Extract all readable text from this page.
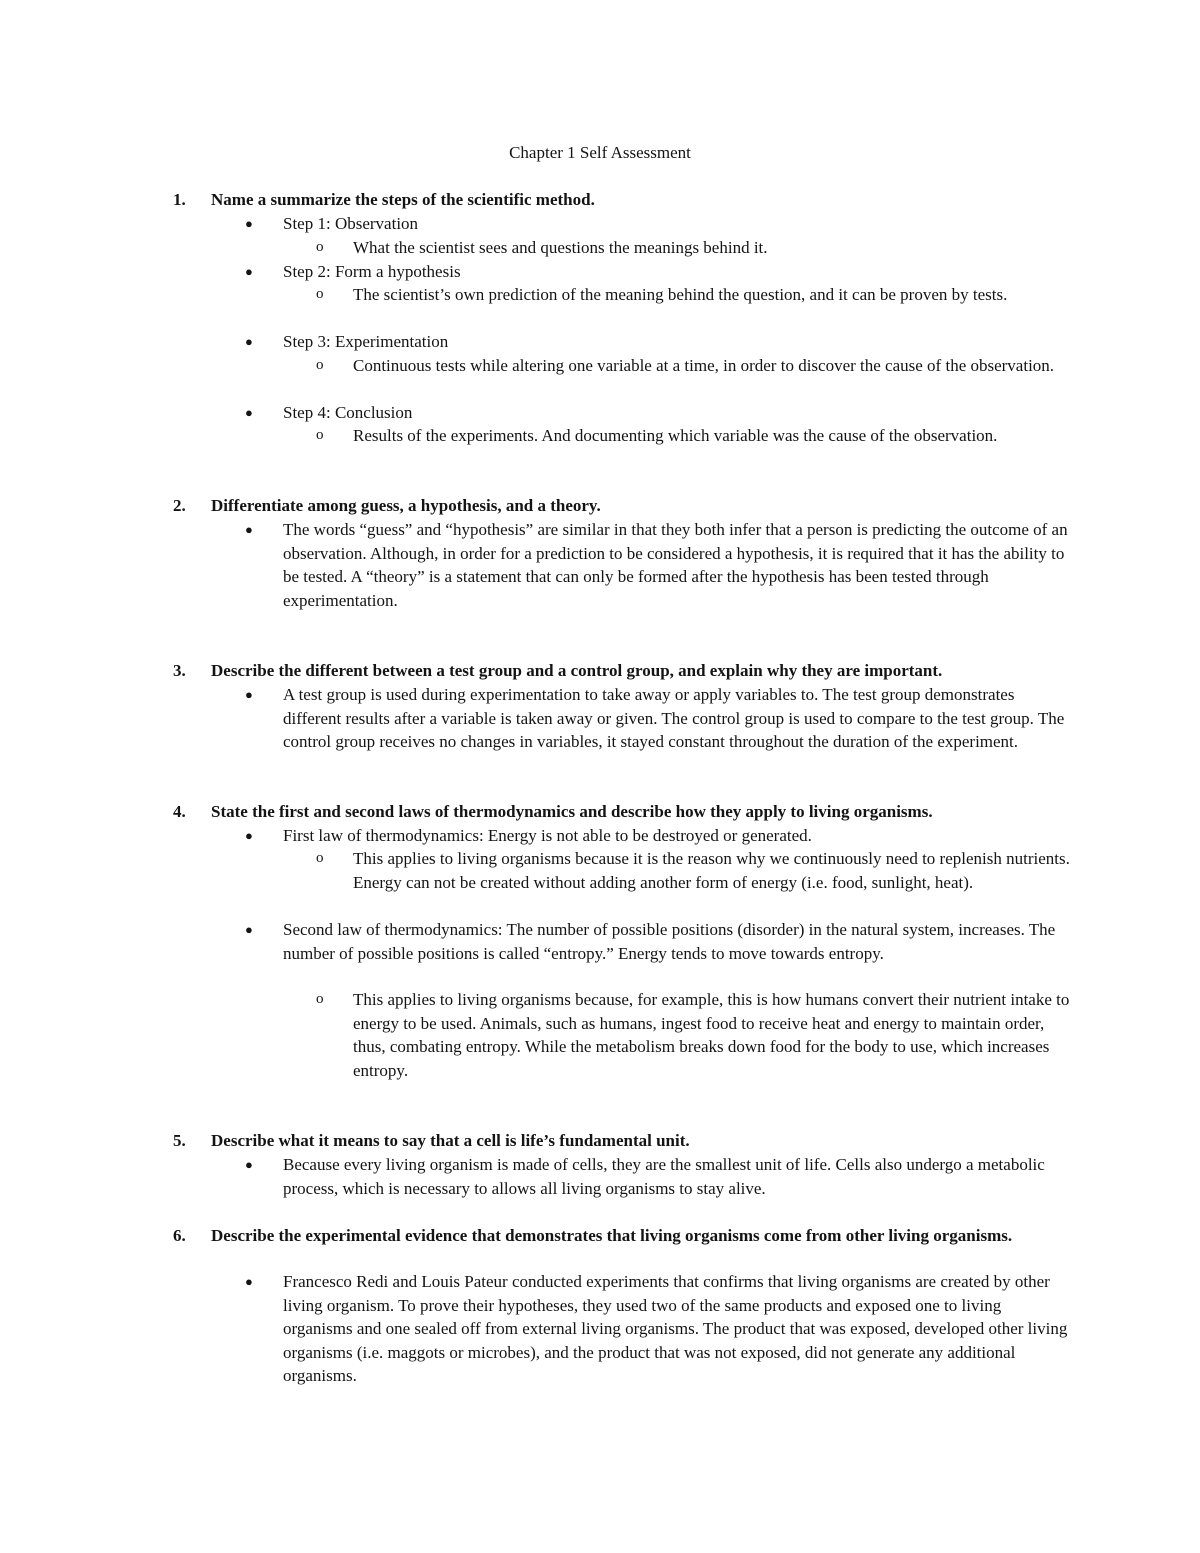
Chapter 1 Self Assessment
1. Name a summarize the steps of the scientific method.
● Step 1: Observation
o What the scientist sees and questions the meanings behind it.
● Step 2: Form a hypothesis
o The scientist’s own prediction of the meaning behind the question, and it can be proven by tests.
● Step 3: Experimentation
o Continuous tests while altering one variable at a time, in order to discover the cause of the observation.
● Step 4: Conclusion
o Results of the experiments. And documenting which variable was the cause of the observation.
2. Differentiate among guess, a hypothesis, and a theory.
● The words “guess” and “hypothesis” are similar in that they both infer that a person is predicting the outcome of an observation. Although, in order for a prediction to be considered a hypothesis, it is required that it has the ability to be tested. A “theory” is a statement that can only be formed after the hypothesis has been tested through experimentation.
3. Describe the different between a test group and a control group, and explain why they are important.
● A test group is used during experimentation to take away or apply variables to. The test group demonstrates different results after a variable is taken away or given. The control group is used to compare to the test group. The control group receives no changes in variables, it stayed constant throughout the duration of the experiment.
4. State the first and second laws of thermodynamics and describe how they apply to living organisms.
● First law of thermodynamics: Energy is not able to be destroyed or generated.
o This applies to living organisms because it is the reason why we continuously need to replenish nutrients. Energy can not be created without adding another form of energy (i.e. food, sunlight, heat).
● Second law of thermodynamics: The number of possible positions (disorder) in the natural system, increases. The number of possible positions is called “entropy.” Energy tends to move towards entropy.
o This applies to living organisms because, for example, this is how humans convert their nutrient intake to energy to be used. Animals, such as humans, ingest food to receive heat and energy to maintain order, thus, combating entropy. While the metabolism breaks down food for the body to use, which increases entropy.
5. Describe what it means to say that a cell is life’s fundamental unit.
● Because every living organism is made of cells, they are the smallest unit of life. Cells also undergo a metabolic process, which is necessary to allows all living organisms to stay alive.
6. Describe the experimental evidence that demonstrates that living organisms come from other living organisms.
● Francesco Redi and Louis Pateur conducted experiments that confirms that living organisms are created by other living organism. To prove their hypotheses, they used two of the same products and exposed one to living organisms and one sealed off from external living organisms. The product that was exposed, developed other living organisms (i.e. maggots or microbes), and the product that was not exposed, did not generate any additional organisms.
